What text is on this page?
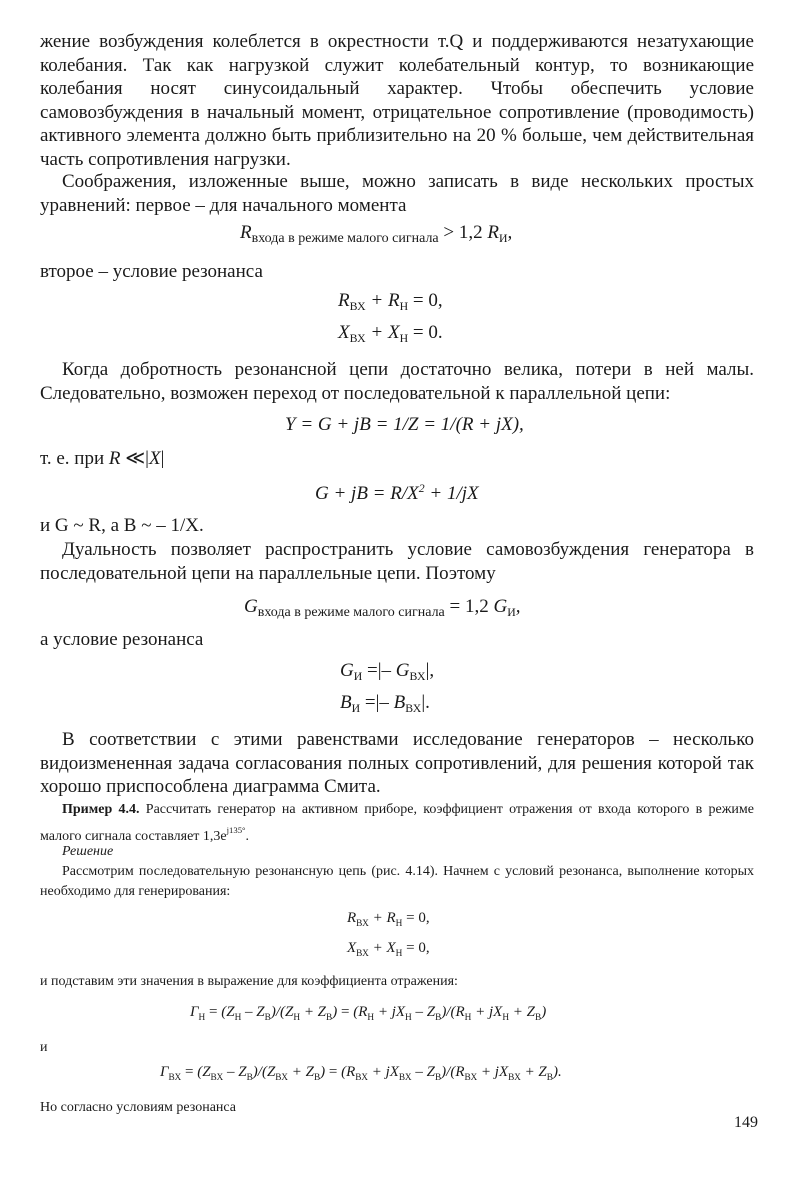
жение возбуждения колеблется в окрестности т.Q и поддерживаются незатухающие колебания. Так как нагрузкой служит колебательный контур, то возникающие колебания носят синусоидальный характер. Чтобы обеспечить условие самовозбуждения в начальный момент, отрицательное сопротивление (проводимость) активного элемента должно быть приблизительно на 20 % больше, чем действительная часть сопротивления нагрузки.

Соображения, изложенные выше, можно записать в виде нескольких простых уравнений: первое – для начального момента

$R_{входа в режиме малого сигнала} > 1,2$ $R_И$,

второе – условие резонанса

$R_{ВХ} + R_Н = 0$,
$X_{ВХ} + X_Н = 0$.

Когда добротность резонансной цепи достаточно велика, потери в ней малы. Следовательно, возможен переход от последовательной к параллельной цепи:

Y = G + jB = 1/Z = 1/(R + jX),
т. е. при R ≪|X|
G + jB = $R/X^2 + 1/jX$

и G ~ R, а B ~ – 1/X.

Дуальность позволяет распространить условие самовозбуждения генератора в последовательной цепи на параллельные цепи. Поэтому

$G_{входа в режиме малого сигнала} = 1,2$ $G_И$,

а условие резонанса

$G_И$ =|– $G_{ВХ}|$,
$B_И$ =|– $B_{ВХ}|$.

В соответствии с этими равенствами исследование генераторов – несколько видоизмененная задача согласования полных сопротивлений, для решения которой так хорошо приспособлена диаграмма Смита.

Пример 4.4. Рассчитать генератор на активном приборе, коэффициент отражения от входа которого в режиме малого сигнала составляет $1,3e^{j135^\circ}$.

Решение

Рассмотрим последовательную резонансную цепь (рис. 4.14). Начнем с условий резонанса, выполнение которых необходимо для генерирования:

$R_{ВХ} + R_Н = 0$,
$X_{ВХ} + X_Н = 0$,

и подставим эти значения в выражение для коэффициента отражения:

$\Gamma_Н = (Z_Н - Z_В)/(Z_Н + Z_В) = (R_Н + jX_Н - Z_В)/(R_Н + jX_Н + Z_В)$

и

$\Gamma_{ВХ} = (Z_{ВХ} - Z_В)/(Z_{ВХ} + Z_В) = (R_{ВХ} + jX_{ВХ} - Z_В)/(R_{ВХ} + jX_{ВХ} + Z_В)$.

Но согласно условиям резонанса

149
